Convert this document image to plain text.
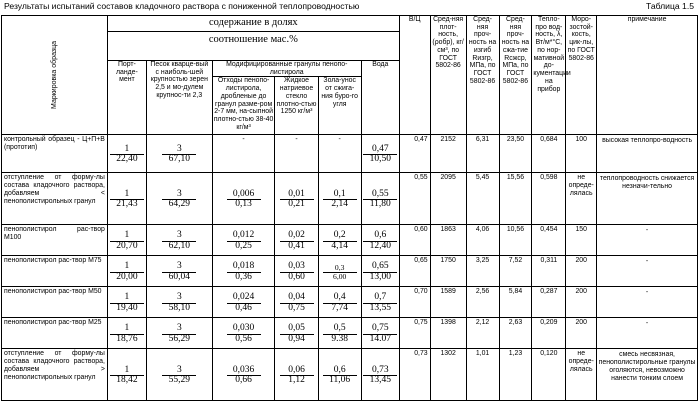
Результаты испытаний составов кладочного раствора с пониженной теплопроводностью	Таблица 1.5
Маркировка образца	содержание в долях
соотношение мас.%						В/Ц	Сред-няя плот-ность, (ρобр), кг/см³, по ГОСТ 5802-86	Сред-няя проч-ность на изгиб Rизгр, МПа, по ГОСТ 5802-86	Сред-няя проч-ность на сжа-тие Rсжср, МПа, по ГОСТ 5802-86	Тепло-про вод-ность, λ, Вт/м*°С, по нор-мативной до-кументации на прибор	Моро-зостой-кость, цик-лы, по ГОСТ 5802-86	примечание
	Порт-ланде-мент	Песок кварце-вый с наиболь-шей крупностью зерен 2,5 и мо-дулем крупнос-ти 2,3	Модифицированные гранулы пенопо-листирола			Вода							
			Отходы пенопо-листирола, дробленые до гранул разме-ром 2-7 мм, на-сыпной плотно-стью 38-40 кг/м³	Жидкое натриевое стекло плотно-стью 1250 кг/м³	Зола-унос от сжига-ния буро-го угля								
контрольный образец - Ц+П+В (прототип)	$\frac{1}{22,40}$	$\frac{3}{67,10}$	-	-	-	$\frac{0,47}{10,50}$	0,47	2152	6,31	23,50	0,684	100	высокая теплопро-водность
отступление от форму-лы состава кладочного раствора, добавляем < пенополистирольных гранул	$\frac{1}{21,43}$	$\frac{3}{64,29}$	$\frac{0,006}{0,13}$	$\frac{0,01}{0,21}$	$\frac{0,1}{2,14}$	$\frac{0,55}{11,80}$	0,55	2095	5,45	15,56	0,598	не опреде-лялась	теплопроводность снижается незначи-тельно
пенополистирол рас-твор М100	$\frac{1}{20,70}$	$\frac{3}{62,10}$	$\frac{0,012}{0,25}$	$\frac{0,02}{0,41}$	$\frac{0,2}{4,14}$	$\frac{0,6}{12,40}$	0,60	1863	4,06	10,56	0,454	150	-
пенополистирол рас-твор М75	$\frac{1}{20,00}$	$\frac{3}{60,04}$	$\frac{0,018}{0,36}$	$\frac{0,03}{0,60}$	$\frac{0,3}{6,00}$	$\frac{0,65}{13,00}$	0,65	1750	3,25	7,52	0,311	200	-
пенополистирол рас-твор М50	$\frac{1}{19,40}$	$\frac{3}{58,10}$	$\frac{0,024}{0,46}$	$\frac{0,04}{0,75}$	$\frac{0,4}{7,74}$	$\frac{0,7}{13,55}$	0,70	1589	2,56	5,84	0,287	200	-
пенополистирол рас-твор М25	$\frac{1}{18,76}$	$\frac{3}{56,29}$	$\frac{0,030}{0,56}$	$\frac{0,05}{0,94}$	$\frac{0,5}{9.38}$	$\frac{0,75}{14.07}$	0,75	1398	2,12	2,63	0,209	200	-
отступление от форму-лы состава кладочного раствора, добавляем > пенополистирольных гранул	$\frac{1}{18,42}$	$\frac{3}{55,29}$	$\frac{0,036}{0,66}$	$\frac{0,06}{1,12}$	$\frac{0,6}{11,06}$	$\frac{0,73}{13,45}$	0,73	1302	1,01	1,23	0,120	не опреде-лялась	смесь несвязная, пенополистирольные гранулы оголяются, невозможно нанести тонким слоем
